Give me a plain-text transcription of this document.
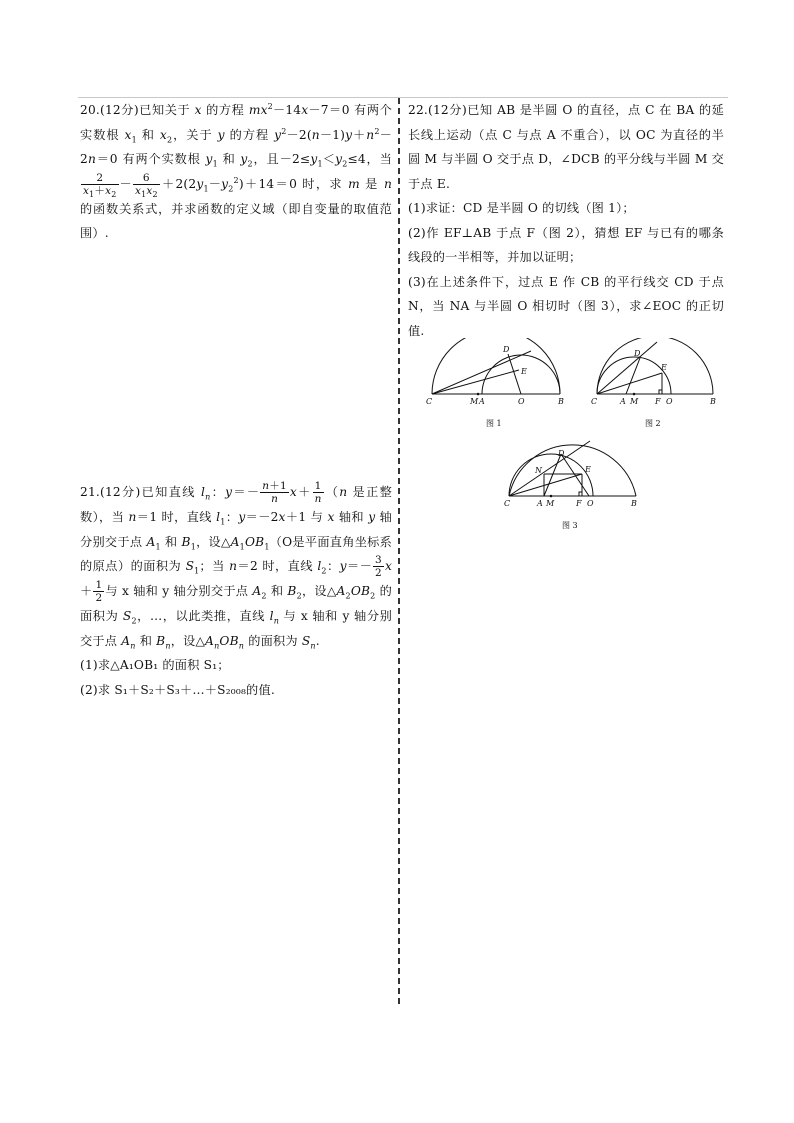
20.(12分)已知关于 x 的方程 $mx^2-14x-7=0$ 有两个实数根 $x_1$ 和 $x_2$，关于 y 的方程 $y^2-2(n-1)y+n^2-2n=0$ 有两个实数根 $y_1$ 和 $y_2$，且$-2\le y_1<y_2\le 4$，当
$\frac{2}{x_1+x_2} - \frac{6}{x_1x_2} +2(2y_1-y_2^2)+14=0$ 时，求 m 是 n 的函数关系式，并求函数的定义域（即自变量的取值范围）.

21.(12分)已知直线 $l_n$：$y=- \frac{n+1}{n} x+ \frac{1}{n} (n$ 是正整数），当 n＝1 时，直线 $l_1$：y＝－2x＋1 与 x 轴和 y 轴分别交于点 $A_1$ 和 $B_1$，设$\triangle A_1OB_1(O$是平面直角坐标系的原点）的面积为 $S_1$；当 n＝2 时，直线 $l_2$：$y=- \frac{3}{2} x+ \frac{1}{2}$ 与 x 轴和 y 轴分别交于点 $A_2$ 和 $B_2$，设$\triangle A_2OB_2$ 的面积为 $S_2$，…，以此类推，直线 $l_n$ 与 x 轴和 y 轴分别交于点 $A_n$ 和 $B_n$，设$\triangle A_nOB_n$ 的面积为 $S_n$.

(1)求△A₁OB₁ 的面积 S₁；

(2)求 S₁＋S₂＋S₃＋…＋S₂₀₀₈的值.

22.(12分)已知 AB 是半圆 O 的直径，点 C 在 BA 的延长线上运动（点 C 与点 A 不重合），以 OC 为直径的半圆 M 与半圆 O 交于点 D，∠DCB 的平分线与半圆 M 交于点 E.

(1)求证：CD 是半圆 O 的切线（图 1）；

(2)作 EF⊥AB 于点 F（图 2），猜想 EF 与已有的哪条线段的一半相等，并加以证明；

(3)在上述条件下，过点 E 作 CB 的平行线交 CD 于点 N，当 NA 与半圆 O 相切时（图 3），求∠EOC 的正切值.

C	M A	O	B
D
E
图 1
C	A M F O	B
D
E
图 2
C	A M	F O	B
N
D
E
图 3
